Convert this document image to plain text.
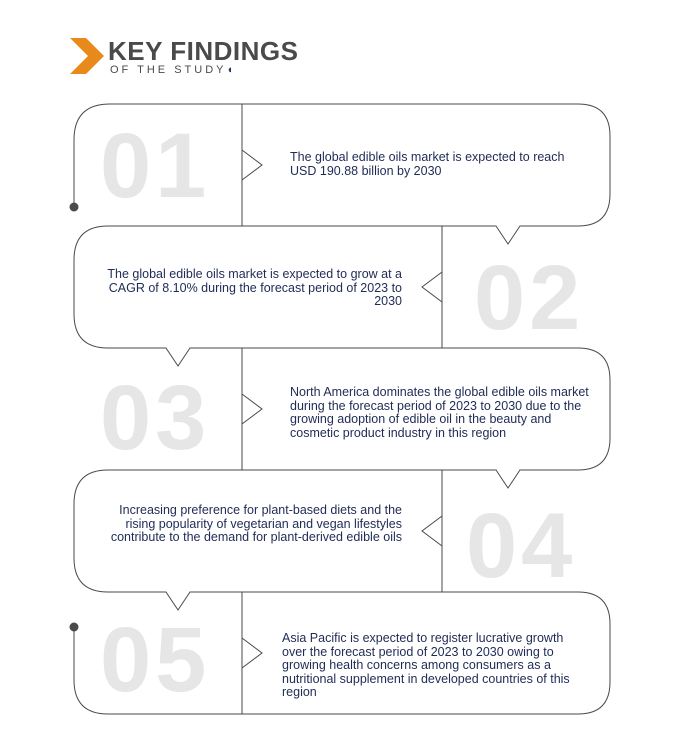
KEY FINDINGS
OF THE STUDY◖
01
02
03
04
05
The global edible oils market is expected to reach USD 190.88 billion by 2030
The global edible oils market is expected to grow at a CAGR of 8.10% during the forecast period of 2023 to 2030
North America dominates the global edible oils market during the forecast period of 2023 to 2030 due to the growing adoption of edible oil in the beauty and cosmetic product industry in this region
Increasing preference for plant-based diets and the rising popularity of vegetarian and vegan lifestyles contribute to the demand for plant-derived edible oils
Asia Pacific is expected to register lucrative growth over the forecast period of 2023 to 2030 owing to growing health concerns among consumers as a nutritional supplement in developed countries of this region
